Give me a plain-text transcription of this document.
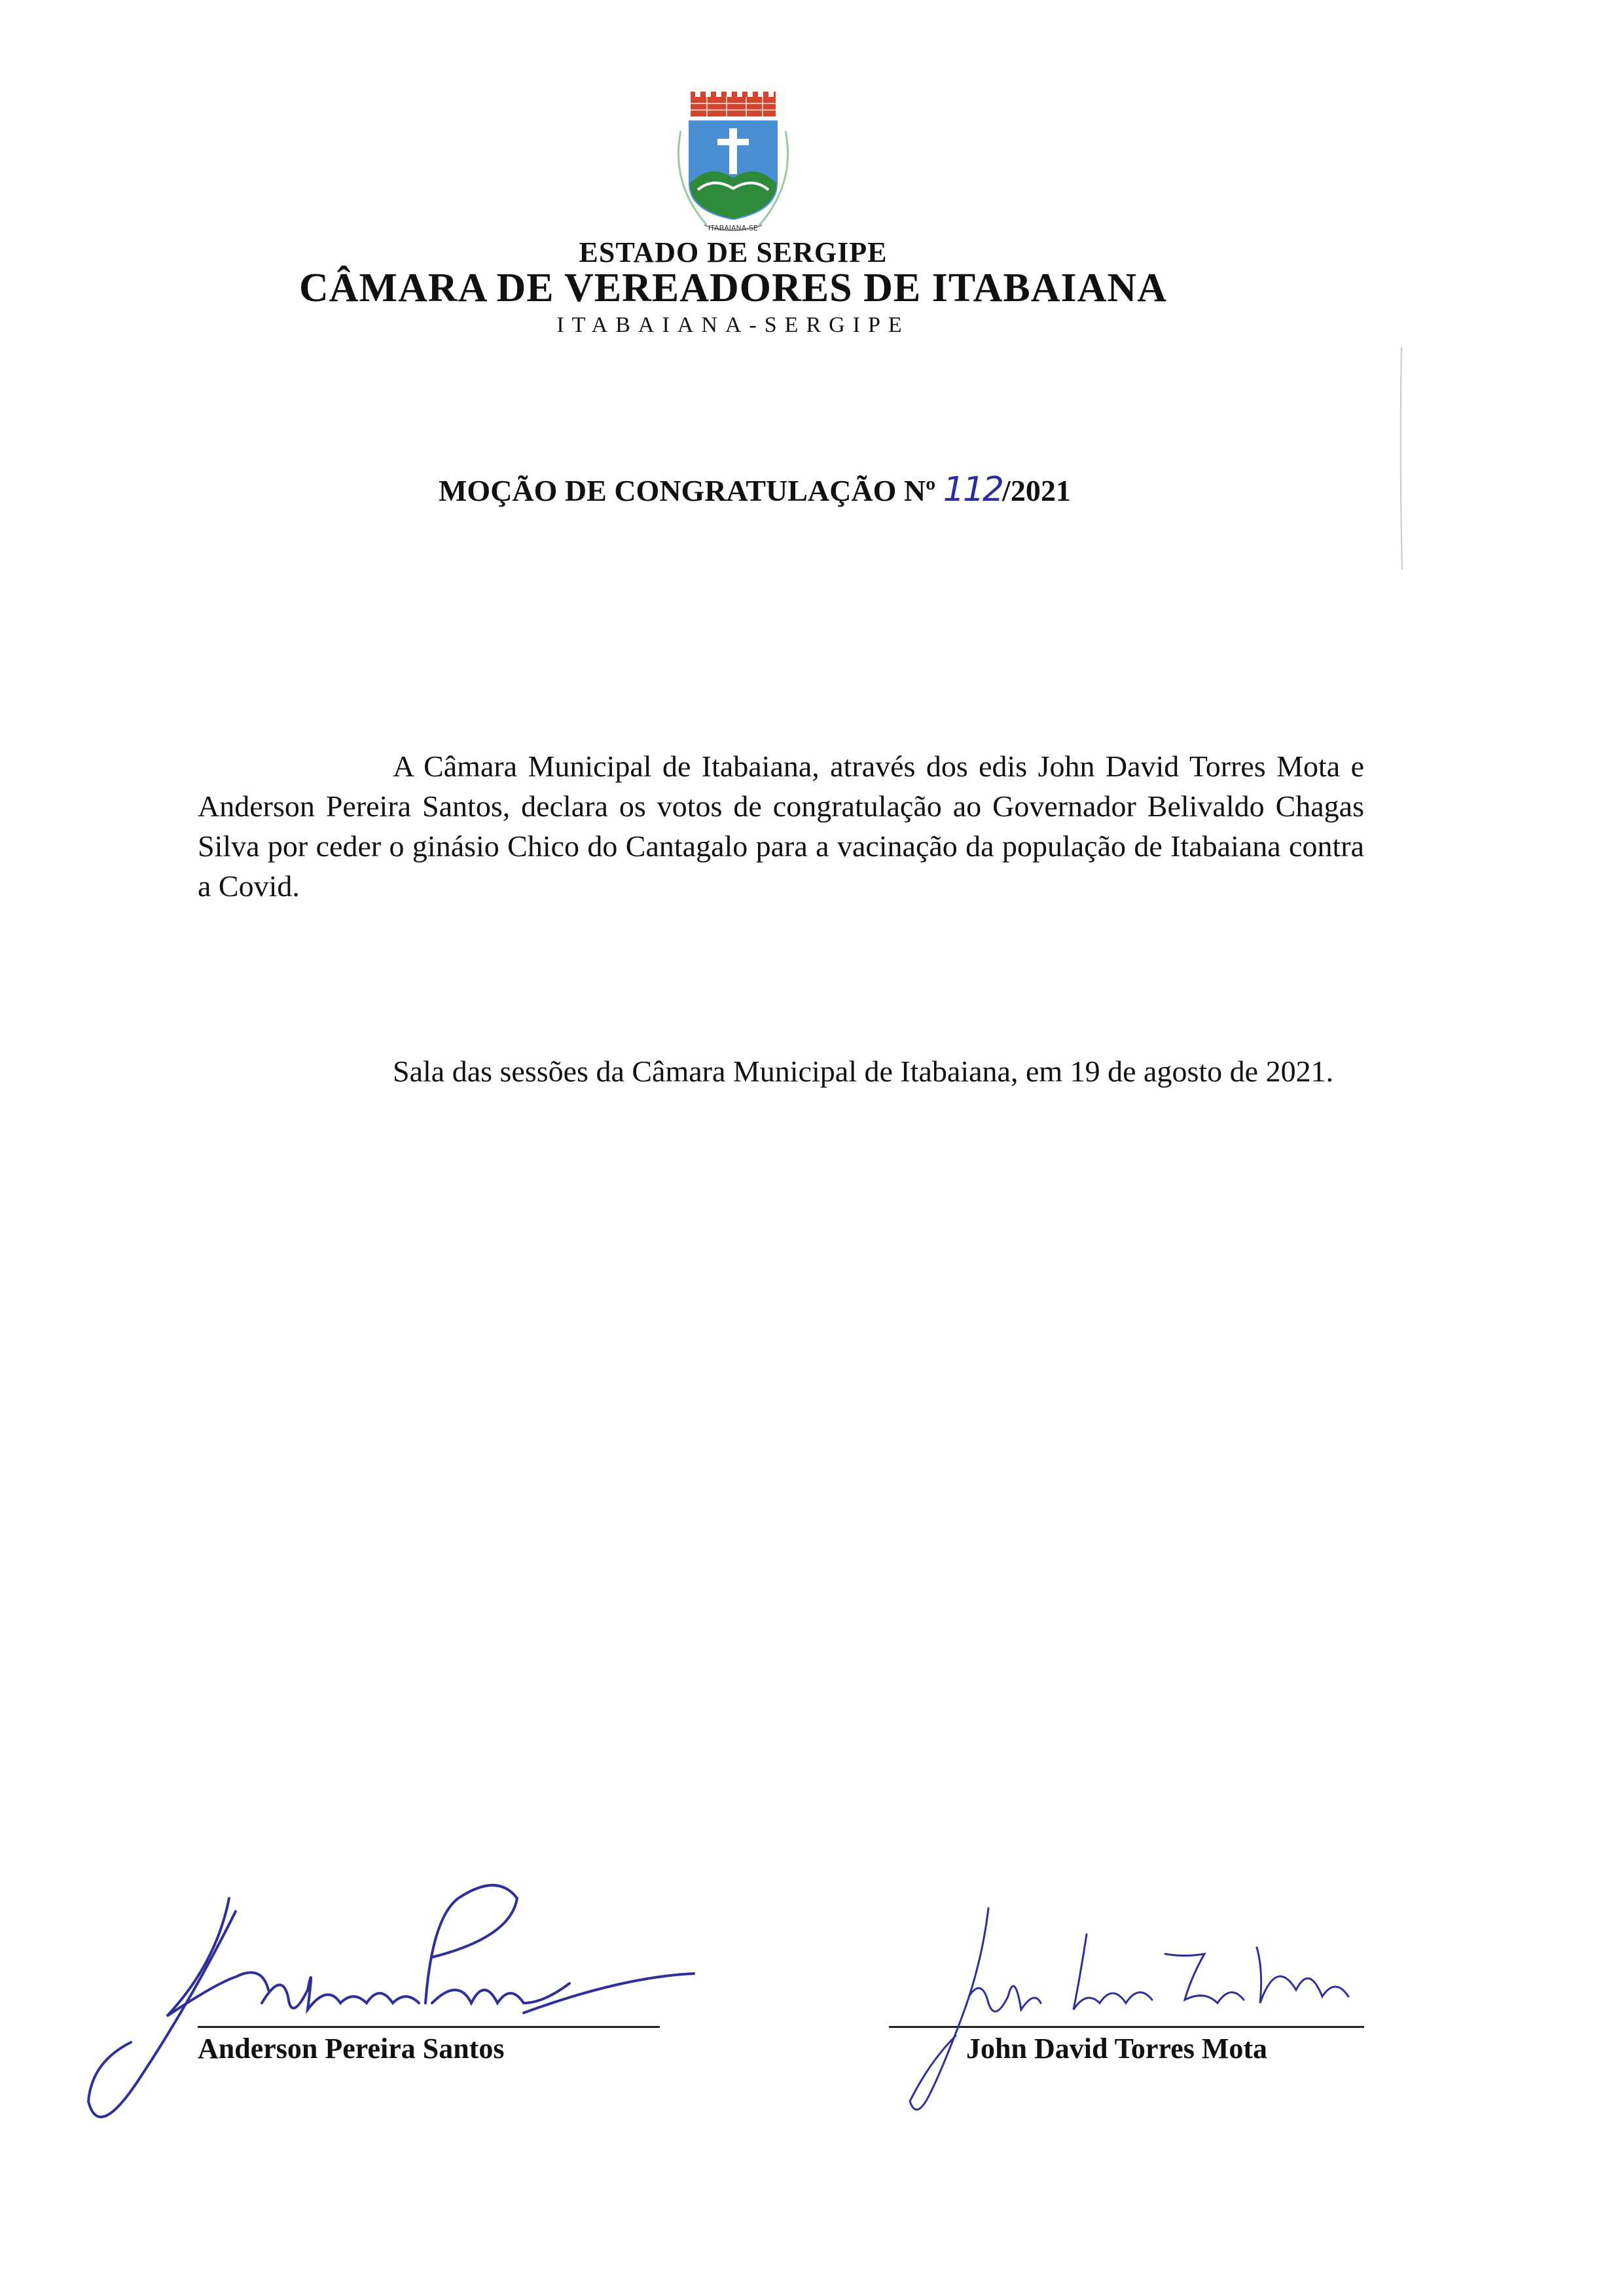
ITABAIANA-SE
ESTADO DE SERGIPE
CÂMARA DE VEREADORES DE ITABAIANA
ITABAIANA-SERGIPE
MOÇÃO DE CONGRATULAÇÃO Nº 112/2021
A Câmara Municipal de Itabaiana, através dos edis John David Torres Mota e Anderson Pereira Santos, declara os votos de congratulação ao Governador Belivaldo Chagas Silva por ceder o ginásio Chico do Cantagalo para a vacinação da população de Itabaiana contra a Covid.
Sala das sessões da Câmara Municipal de Itabaiana, em 19 de agosto de 2021.
Anderson Pereira Santos	John David Torres Mota
